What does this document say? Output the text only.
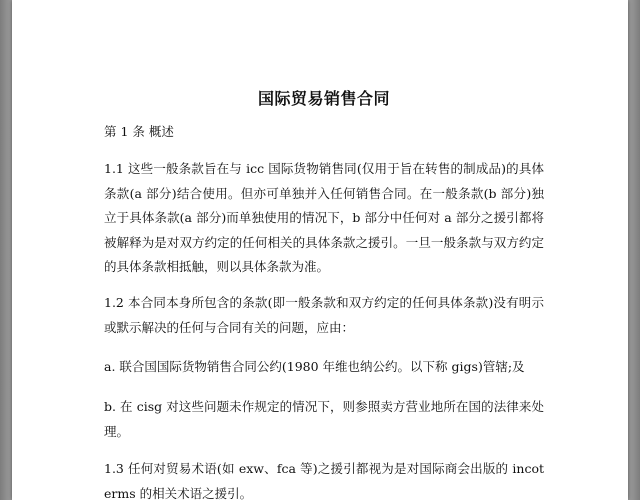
国际贸易销售合同
第 1 条 概述

1.1 这些一般条款旨在与 icc 国际货物销售同(仅用于旨在转售的制成品)的具体条款(a 部分)结合使用。但亦可单独并入任何销售合同。在一般条款(b 部分)独立于具体条款(a 部分)而单独使用的情况下，b 部分中任何对 a 部分之援引都将被解释为是对双方约定的任何相关的具体条款之援引。一旦一般条款与双方约定的具体条款相抵触，则以具体条款为准。

1.2 本合同本身所包含的条款(即一般条款和双方约定的任何具体条款)没有明示或默示解决的任何与合同有关的问题，应由：

a. 联合国国际货物销售合同公约(1980 年维也纳公约。以下称 gigs)管辖;及

b. 在 cisg 对这些问题未作规定的情况下，则参照卖方营业地所在国的法律来处理。

1.3 任何对贸易术语(如 exw、fca 等)之援引都视为是对国际商会出版的 incoterms 的相关术语之援引。
